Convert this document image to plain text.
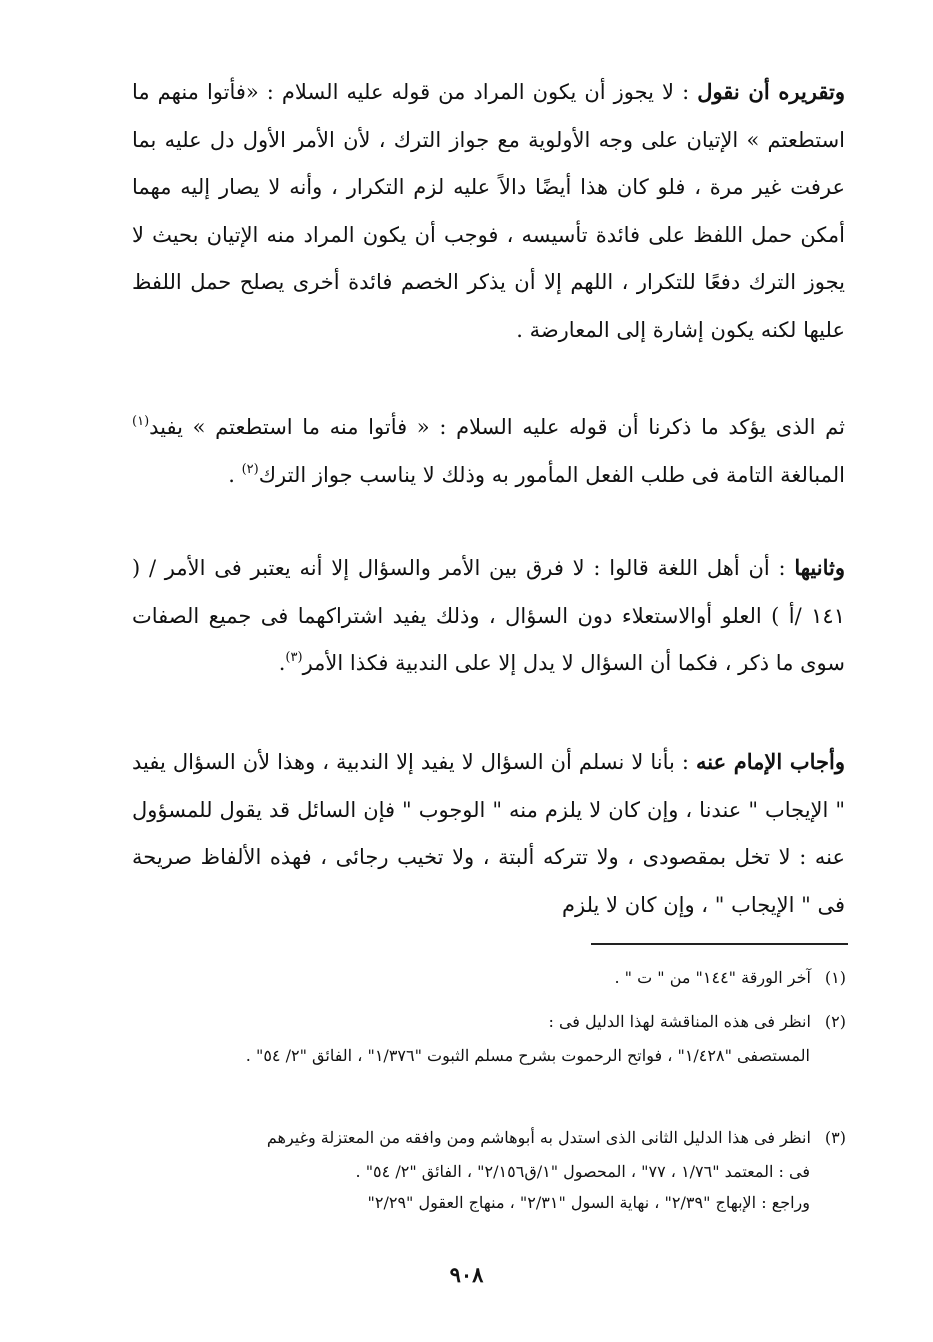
وتقريره أن نقول : لا يجوز أن يكون المراد من قوله عليه السلام : «فأتوا منهم ما استطعتم » الإتيان على وجه الأولوية مع جواز الترك ، لأن الأمر الأول دل عليه بما عرفت غير مرة ، فلو كان هذا أيضًا دالاً عليه لزم التكرار ، وأنه لا يصار إليه مهما أمكن حمل اللفظ على فائدة تأسيسه ، فوجب أن يكون المراد منه الإتيان بحيث لا يجوز الترك دفعًا للتكرار ، اللهم إلا أن يذكر الخصم فائدة أخرى يصلح حمل اللفظ عليها لكنه يكون إشارة إلى المعارضة .
ثم الذى يؤكد ما ذكرنا أن قوله عليه السلام : « فأتوا منه ما استطعتم » يفيد$^{(١)}$ المبالغة التامة فى طلب الفعل المأمور به وذلك لا يناسب جواز الترك$^{(٢)}$ .
وثانيها : أن أهل اللغة قالوا : لا فرق بين الأمر والسؤال إلا أنه يعتبر فى الأمر / ( ١٤١ /أ ) العلو أوالاستعلاء دون السؤال ، وذلك يفيد اشتراكهما فى جميع الصفات سوى ما ذكر ، فكما أن السؤال لا يدل إلا على الندبية فكذا الأمر$^{(٣)}$.
وأجاب الإمام عنه : بأنا لا نسلم أن السؤال لا يفيد إلا الندبية ، وهذا لأن السؤال يفيد " الإيجاب " عندنا ، وإن كان لا يلزم منه " الوجوب " فإن السائل قد يقول للمسؤول عنه : لا تخل بمقصودى ، ولا تتركه ألبتة ، ولا تخيب رجائى ، فهذه الألفاظ صريحة فى " الإيجاب " ، وإن كان لا يلزم
(١) آخر الورقة "١٤٤" من " ت " .
(٢) انظر فى هذه المناقشة لهذا الدليل فى :
المستصفى "١/٤٢٨" ، فواتح الرحموت بشرح مسلم الثبوت "١/٣٧٦" ، الفائق "٢/ ٥٤" .
(٣) انظر فى هذا الدليل الثانى الذى استدل به أبوهاشم ومن وافقه من المعتزلة وغيرهم
فى : المعتمد "١/٧٦ ، ٧٧" ، المحصول "١/ق٢/١٥٦" ، الفائق "٢/ ٥٤" .
وراجع : الإبهاج "٢/٣٩" ، نهاية السول "٢/٣١" ، منهاج العقول "٢/٢٩"
٩٠٨
